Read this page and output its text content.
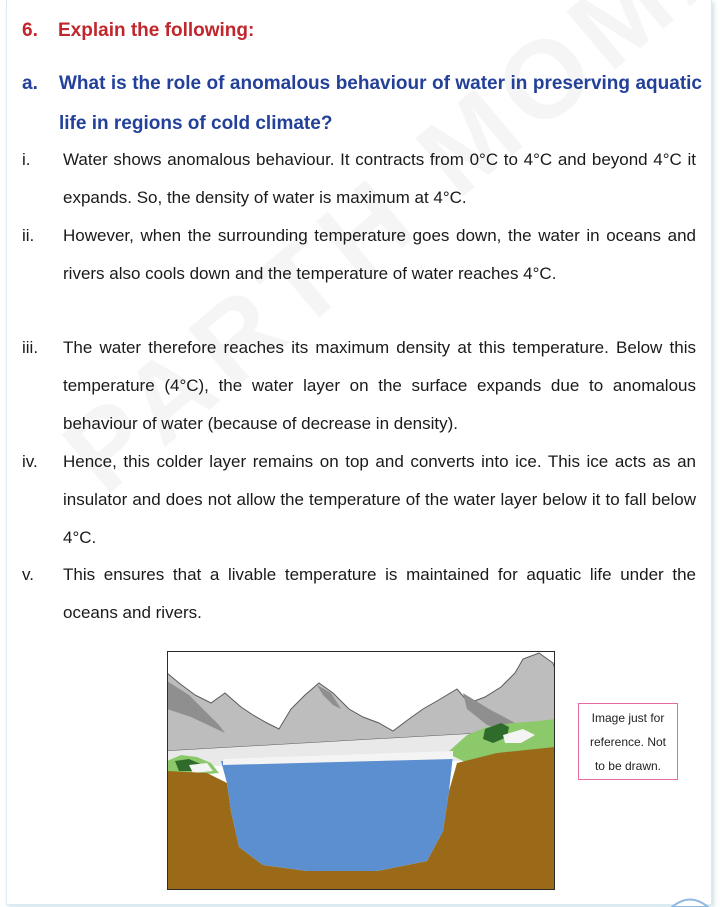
6. Explain the following:
a. What is the role of anomalous behaviour of water in preserving aquatic life in regions of cold climate?
i. Water shows anomalous behaviour. It contracts from 0°C to 4°C and beyond 4°C it expands. So, the density of water is maximum at 4°C.
ii. However, when the surrounding temperature goes down, the water in oceans and rivers also cools down and the temperature of water reaches 4°C.
iii. The water therefore reaches its maximum density at this temperature. Below this temperature (4°C), the water layer on the surface expands due to anomalous behaviour of water (because of decrease in density).
iv. Hence, this colder layer remains on top and converts into ice. This ice acts as an insulator and does not allow the temperature of the water layer below it to fall below 4°C.
v. This ensures that a livable temperature is maintained for aquatic life under the oceans and rivers.
Image just for
reference. Not
to be drawn.
